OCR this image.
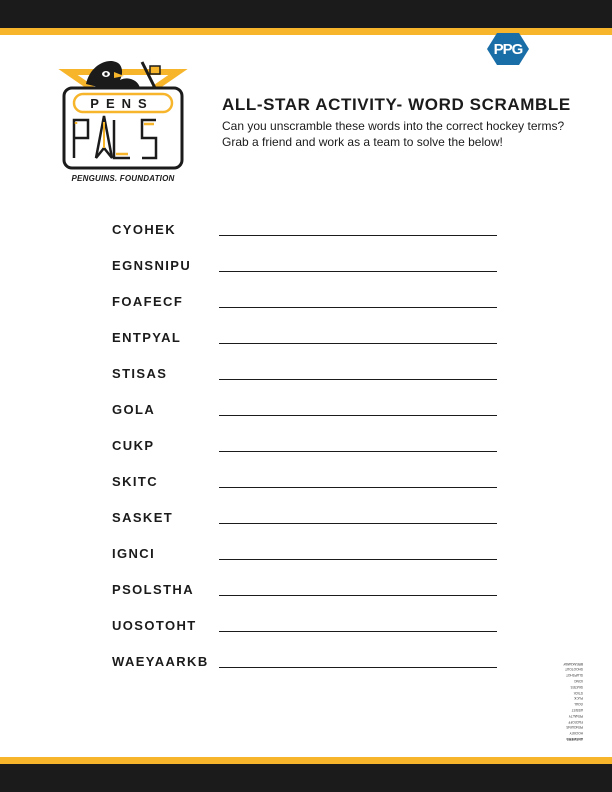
PPG
PENS
PENGUINS. FOUNDATION
ALL-STAR ACTIVITY- WORD SCRAMBLE
Can you unscramble these words into the correct hockey terms?
Grab a friend and work as a team to solve the below!
CYOHEK
EGNSNIPU
FOAFECF
ENTPYAL
STISAS
GOLA
CUKP
SKITC
SASKET
IGNCI
PSOLSTHA
UOSOTOHT
WAEYAARKB
ANSWERS:
HOCKEY
PENGUINS
FACEOFF
PENALTY
ASSIST
GOAL
PUCK
STICK
SKATES
ICING
SLAPSHOT
SHOOTOUT
BREAKAWAY
